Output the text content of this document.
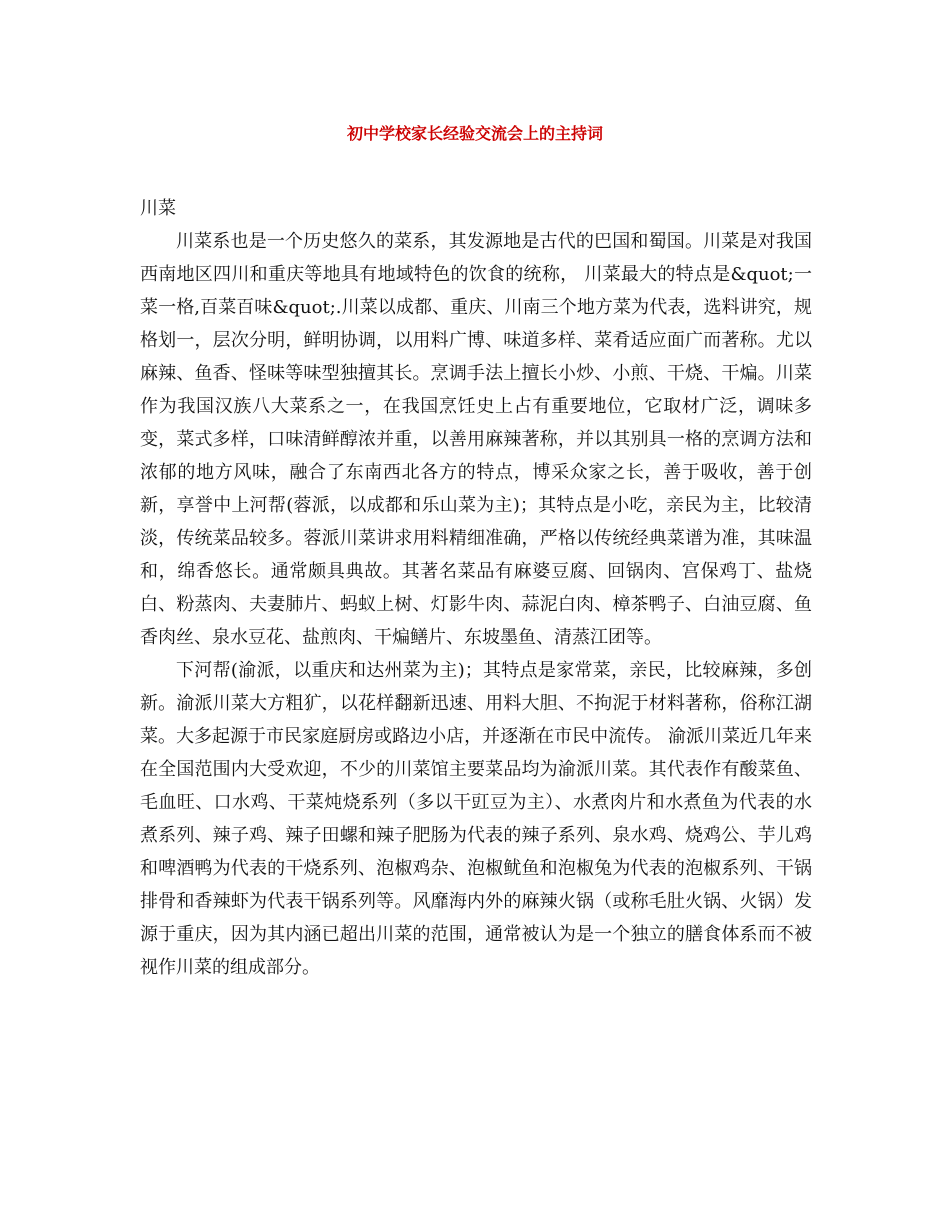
初中学校家长经验交流会上的主持词

川菜

川菜系也是一个历史悠久的菜系，其发源地是古代的巴国和蜀国。川菜是对我国西南地区四川和重庆等地具有地域特色的饮食的统称， 川菜最大的特点是&quot;一菜一格,百菜百味&quot;.川菜以成都、重庆、川南三个地方菜为代表，选料讲究，规格划一，层次分明，鲜明协调，以用料广博、味道多样、菜肴适应面广而著称。尤以麻辣、鱼香、怪味等味型独擅其长。烹调手法上擅长小炒、小煎、干烧、干煸。川菜作为我国汉族八大菜系之一，在我国烹饪史上占有重要地位，它取材广泛，调味多变，菜式多样，口味清鲜醇浓并重，以善用麻辣著称，并以其别具一格的烹调方法和浓郁的地方风味，融合了东南西北各方的特点，博采众家之长，善于吸收，善于创新，享誉中上河帮(蓉派，以成都和乐山菜为主)；其特点是小吃，亲民为主，比较清淡，传统菜品较多。蓉派川菜讲求用料精细准确，严格以传统经典菜谱为准，其味温和，绵香悠长。通常颇具典故。其著名菜品有麻婆豆腐、回锅肉、宫保鸡丁、盐烧白、粉蒸肉、夫妻肺片、蚂蚁上树、灯影牛肉、蒜泥白肉、樟茶鸭子、白油豆腐、鱼香肉丝、泉水豆花、盐煎肉、干煸鳝片、东坡墨鱼、清蒸江团等。

下河帮(渝派，以重庆和达州菜为主)；其特点是家常菜，亲民，比较麻辣，多创新。渝派川菜大方粗犷，以花样翻新迅速、用料大胆、不拘泥于材料著称，俗称江湖菜。大多起源于市民家庭厨房或路边小店，并逐渐在市民中流传。 渝派川菜近几年来在全国范围内大受欢迎，不少的川菜馆主要菜品均为渝派川菜。其代表作有酸菜鱼、毛血旺、口水鸡、干菜炖烧系列（多以干豇豆为主）、水煮肉片和水煮鱼为代表的水煮系列、辣子鸡、辣子田螺和辣子肥肠为代表的辣子系列、泉水鸡、烧鸡公、芋儿鸡和啤酒鸭为代表的干烧系列、泡椒鸡杂、泡椒鱿鱼和泡椒兔为代表的泡椒系列、干锅排骨和香辣虾为代表干锅系列等。风靡海内外的麻辣火锅（或称毛肚火锅、火锅）发源于重庆，因为其内涵已超出川菜的范围，通常被认为是一个独立的膳食体系而不被视作川菜的组成部分。
